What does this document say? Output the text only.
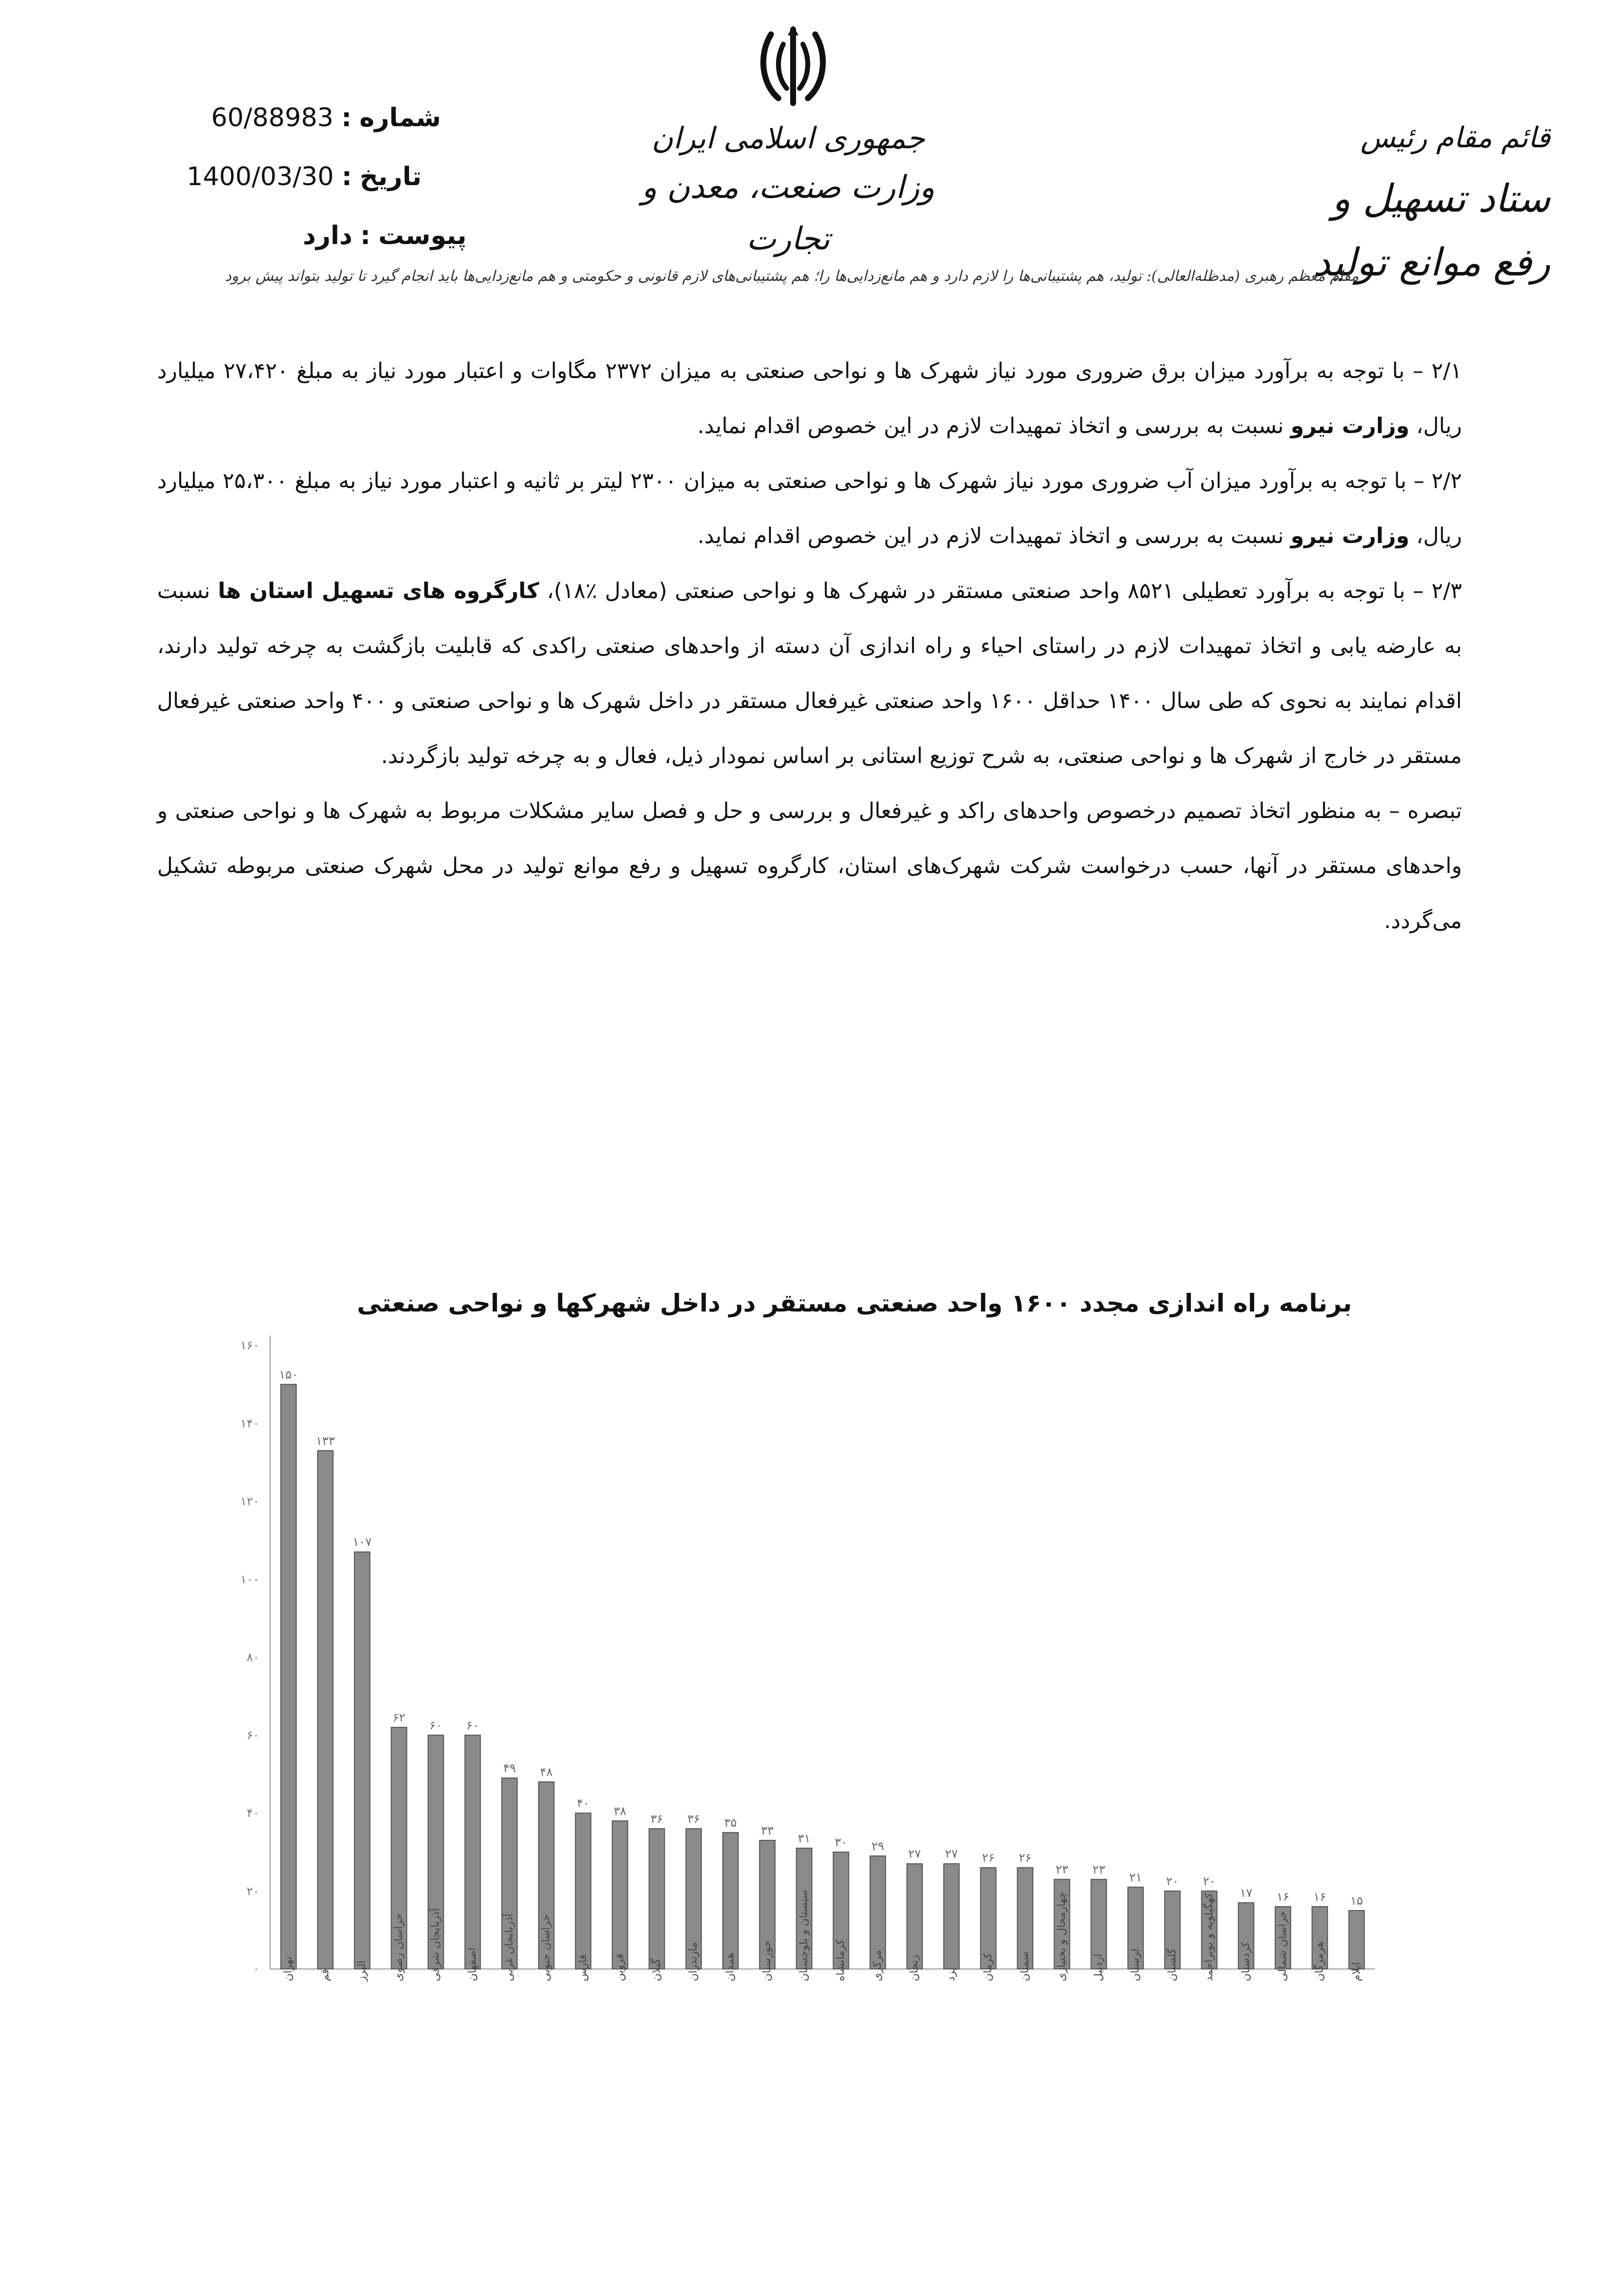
60/88983 : شماره
1400/03/30 : تاریخ
دارد : پیوست
جمهوری اسلامی ایران
وزارت صنعت، معدن و تجارت
قائم مقام رئیس
ستاد تسهیل و رفع موانع تولید
مقام معظم رهبری (مدظله‌العالی): تولید، هم پشتیبانی‌ها را لازم دارد و هم مانع‌زدایی‌ها را؛ هم پشتیبانی‌های لازم قانونی و حکومتی و هم مانع‌زدایی‌ها باید انجام گیرد تا تولید بتواند پیش برود

۲/۱ – با توجه به برآورد میزان برق ضروری مورد نیاز شهرک ها و نواحی صنعتی به میزان ۲۳۷۲ مگاوات و اعتبار مورد نیاز به مبلغ ۲۷،۴۲۰ میلیارد ریال، وزارت نیرو نسبت به بررسی و اتخاذ تمهیدات لازم در این خصوص اقدام نماید.

۲/۲ – با توجه به برآورد میزان آب ضروری مورد نیاز شهرک ها و نواحی صنعتی به میزان ۲۳۰۰ لیتر بر ثانیه و اعتبار مورد نیاز به مبلغ ۲۵،۳۰۰ میلیارد ریال، وزارت نیرو نسبت به بررسی و اتخاذ تمهیدات لازم در این خصوص اقدام نماید.

۲/۳ – با توجه به برآورد تعطیلی ۸۵۲۱ واحد صنعتی مستقر در شهرک ها و نواحی صنعتی (معادل ٪۱۸)، کارگروه های تسهیل استان ها نسبت به عارضه یابی و اتخاذ تمهیدات لازم در راستای احیاء و راه اندازی آن دسته از واحدهای صنعتی راکدی که قابلیت بازگشت به چرخه تولید دارند، اقدام نمایند به نحوی که طی سال ۱۴۰۰ حداقل ۱۶۰۰ واحد صنعتی غیرفعال مستقر در داخل شهرک ها و نواحی صنعتی و ۴۰۰ واحد صنعتی غیرفعال مستقر در خارج از شهرک ها و نواحی صنعتی، به شرح توزیع استانی بر اساس نمودار ذیل، فعال و به چرخه تولید بازگردند.

تبصره – به منظور اتخاذ تصمیم درخصوص واحدهای راکد و غیرفعال و بررسی و حل و فصل سایر مشکلات مربوط به شهرک ها و نواحی صنعتی و واحدهای مستقر در آنها، حسب درخواست شرکت شهرک‌های استان، کارگروه تسهیل و رفع موانع تولید در محل شهرک صنعتی مربوطه تشکیل می‌گردد.

برنامه راه اندازی مجدد ۱۶۰۰ واحد صنعتی مستقر در داخل شهرکها و نواحی صنعتی
۰
۲۰
۴۰
۶۰
۸۰
۱۰۰
۱۲۰
۱۴۰
۱۶۰
۱۵۰
تهران
۱۳۳
قم
۱۰۷
البرز
۶۲
خراسان رضوی
۶۰
آذربایجان شرقی
۶۰
اصفهان
۴۹
آذربایجان غربی
۴۸
خراسان جنوبی
۴۰
فارس
۳۸
قزوین
۳۶
گیلان
۳۶
مازندران
۳۵
همدان
۳۳
خوزستان
۳۱
سیستان و بلوچستان
۳۰
کرمانشاه
۲۹
مرکزی
۲۷
زنجان
۲۷
یزد
۲۶
کرمان
۲۶
سمنان
۲۳
چهارمحال و بختیاری
۲۳
اردبیل
۲۱
لرستان
۲۰
گلستان
۲۰
کهگیلویه و بویراحمد ۱۷
کردستان
۱۶
خراسان شمالی
۱۶
هرمزگان
۱۵
ایلام
